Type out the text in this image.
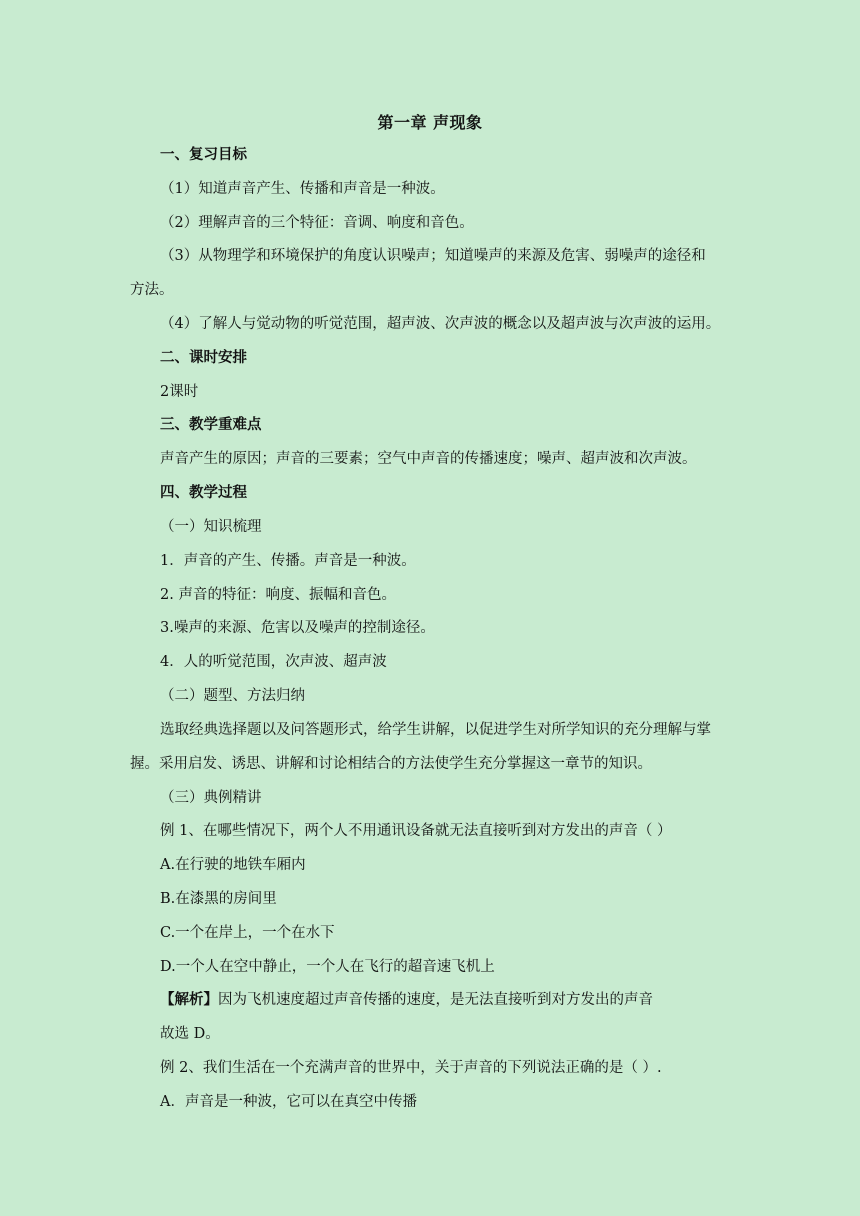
第一章 声现象
一、复习目标
（1）知道声音产生、传播和声音是一种波。
（2）理解声音的三个特征：音调、响度和音色。
（3）从物理学和环境保护的角度认识噪声；知道噪声的来源及危害、弱噪声的途径和
方法。
（4）了解人与觉动物的听觉范围，超声波、次声波的概念以及超声波与次声波的运用。
二、课时安排
2课时
三、教学重难点
声音产生的原因；声音的三要素；空气中声音的传播速度；噪声、超声波和次声波。
四、教学过程
（一）知识梳理
1．声音的产生、传播。声音是一种波。
2. 声音的特征：响度、振幅和音色。
3.噪声的来源、危害以及噪声的控制途径。
4．人的听觉范围，次声波、超声波
（二）题型、方法归纳
选取经典选择题以及问答题形式，给学生讲解，以促进学生对所学知识的充分理解与掌
握。采用启发、诱思、讲解和讨论相结合的方法使学生充分掌握这一章节的知识。
（三）典例精讲
例 1、在哪些情况下，两个人不用通讯设备就无法直接听到对方发出的声音（ ）
A.在行驶的地铁车厢内
B.在漆黑的房间里
C.一个在岸上，一个在水下
D.一个人在空中静止，一个人在飞行的超音速飞机上
【解析】因为飞机速度超过声音传播的速度，是无法直接听到对方发出的声音
故选 D。
例 2、我们生活在一个充满声音的世界中，关于声音的下列说法正确的是（ ）.
A．声音是一种波，它可以在真空中传播
